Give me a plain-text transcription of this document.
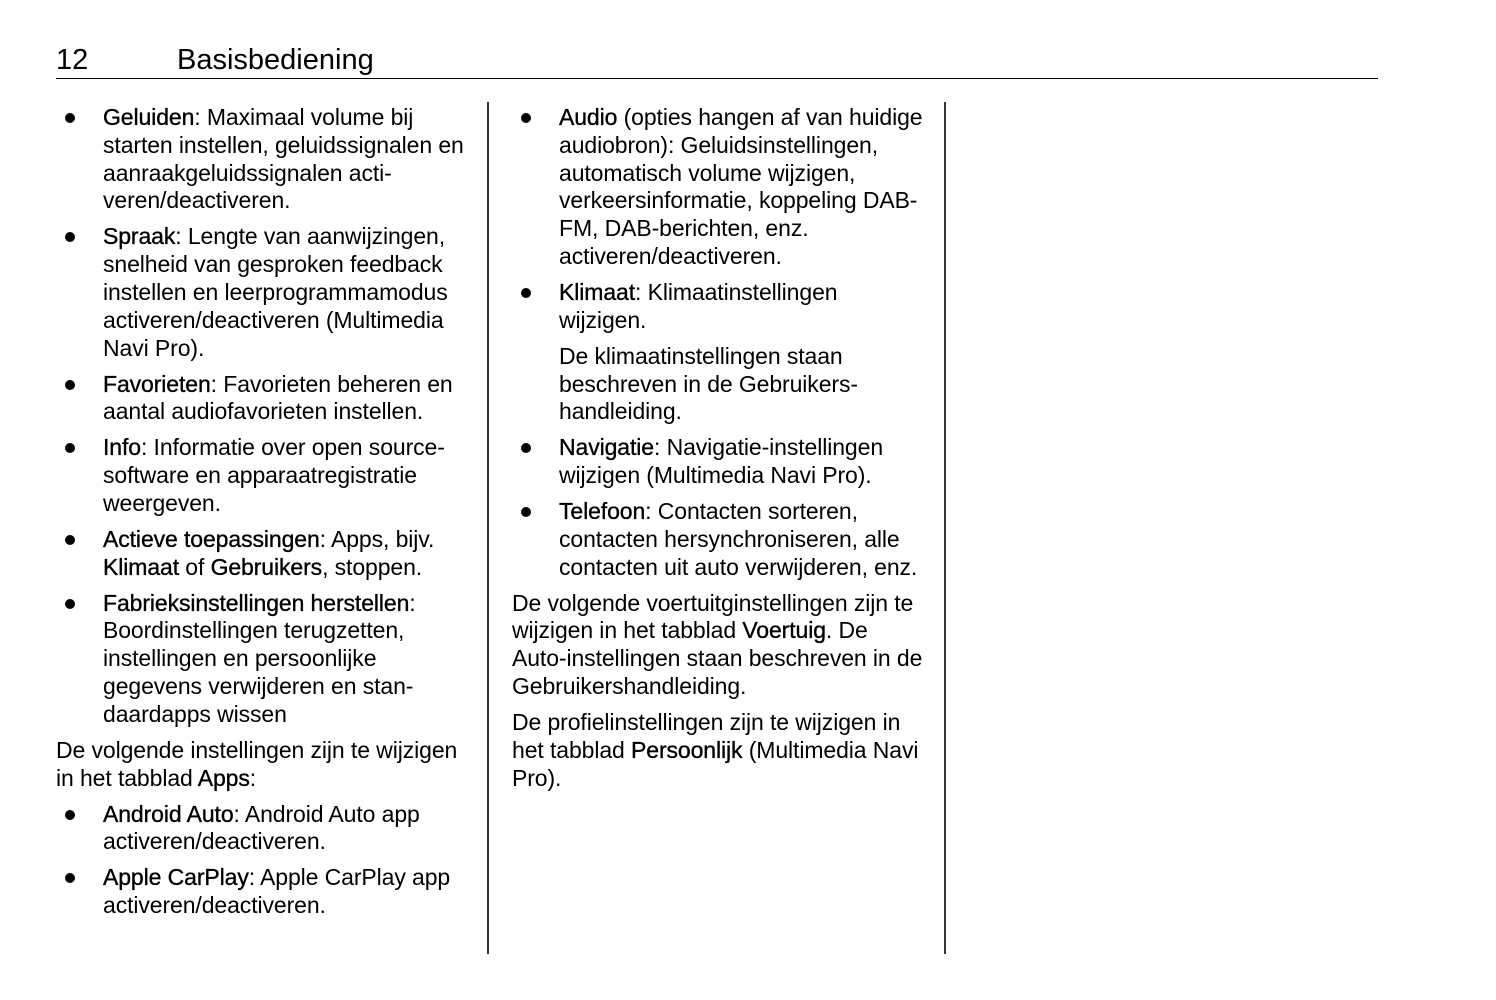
12	Basisbediening
Geluiden: Maximaal volume bij starten instellen, geluidssignalen en aanraakgeluidssignalen activeren/deactiveren.
Spraak: Lengte van aanwijzingen, snelheid van gesproken feedback instellen en leerprogrammamodus activeren/deactiveren (Multimedia Navi Pro).
Favorieten: Favorieten beheren en aantal audiofavorieten instellen.
Info: Informatie over open source-software en apparaatregistratie weergeven.
Actieve toepassingen: Apps, bijv. Klimaat of Gebruikers, stoppen.
Fabrieksinstellingen herstellen: Boordinstellingen terugzetten, instellingen en persoonlijke gegevens verwijderen en standaardapps wissen

De volgende instellingen zijn te wijzigen in het tabblad Apps:

Android Auto: Android Auto app activeren/deactiveren.
Apple CarPlay: Apple CarPlay app activeren/deactiveren.
Audio (opties hangen af van huidige audiobron): Geluidsinstellingen, automatisch volume wijzigen, verkeersinformatie, koppeling DAB-FM, DAB-berichten, enz. activeren/deactiveren.
Klimaat: Klimaatinstellingen wijzigen.
De klimaatinstellingen staan beschreven in de Gebruikershandleiding.
Navigatie: Navigatie-instellingen wijzigen (Multimedia Navi Pro).
Telefoon: Contacten sorteren, contacten hersynchroniseren, alle contacten uit auto verwijderen, enz.

De volgende voertuitginstellingen zijn te wijzigen in het tabblad Voertuig. De Auto-instellingen staan beschreven in de Gebruikershandleiding.

De profielinstellingen zijn te wijzigen in het tabblad Persoonlijk (Multimedia Navi Pro).
